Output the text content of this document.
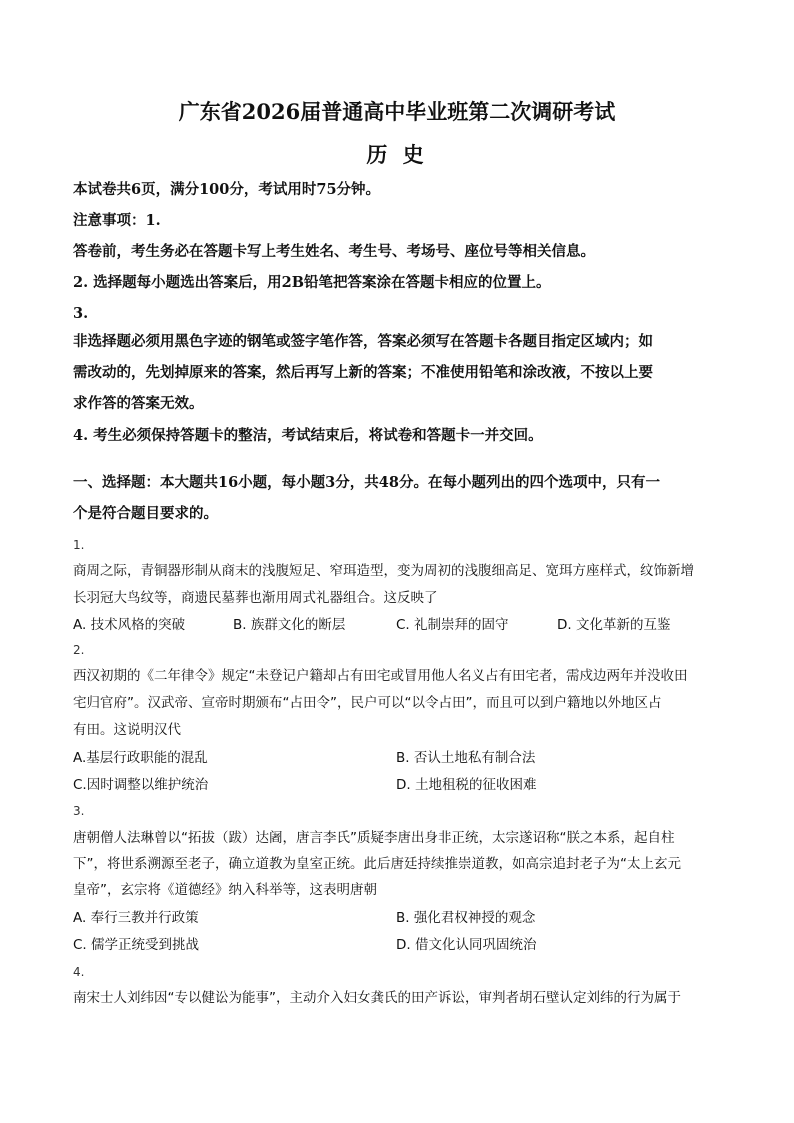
广东省2026届普通高中毕业班第二次调研考试
历 史
本试卷共6页，满分100分，考试用时75分钟。
注意事项：1.
答卷前，考生务必在答题卡写上考生姓名、考生号、考场号、座位号等相关信息。
2. 选择题每小题选出答案后，用2B铅笔把答案涂在答题卡相应的位置上。
3.
非选择题必须用黑色字迹的钢笔或签字笔作答，答案必须写在答题卡各题目指定区域内；如
需改动的，先划掉原来的答案，然后再写上新的答案；不准使用铅笔和涂改液，不按以上要
求作答的答案无效。
4. 考生必须保持答题卡的整洁，考试结束后，将试卷和答题卡一并交回。
一、选择题：本大题共16小题，每小题3分，共48分。在每小题列出的四个选项中，只有一
个是符合题目要求的。
1.
商周之际，青铜器形制从商末的浅腹短足、窄珥造型，变为周初的浅腹细高足、宽珥方座样式，纹饰新增
长羽冠大鸟纹等，商遗民墓葬也渐用周式礼器组合。这反映了
A. 技术风格的突破	B. 族群文化的断层	C. 礼制崇拜的固守	D. 文化革新的互鉴
2.
西汉初期的《二年律令》规定“未登记户籍却占有田宅或冒用他人名义占有田宅者，需戍边两年并没收田
宅归官府”。汉武帝、宣帝时期颁布“占田令”，民户可以“以令占田”，而且可以到户籍地以外地区占
有田。这说明汉代
A.基层行政职能的混乱	B. 否认土地私有制合法
C.因时调整以维护统治	D. 土地租税的征收困难
3.
唐朝僧人法琳曾以“拓拔（跋）达阇，唐言李氏”质疑李唐出身非正统，太宗遂诏称“朕之本系，起自柱
下”，将世系溯源至老子，确立道教为皇室正统。此后唐廷持续推崇道教，如高宗追封老子为“太上玄元
皇帝”，玄宗将《道德经》纳入科举等，这表明唐朝
A. 奉行三教并行政策	B. 强化君权神授的观念
C. 儒学正统受到挑战	D. 借文化认同巩固统治
4.
南宋士人刘纬因“专以健讼为能事”，主动介入妇女龚氏的田产诉讼，审判者胡石壁认定刘纬的行为属于
